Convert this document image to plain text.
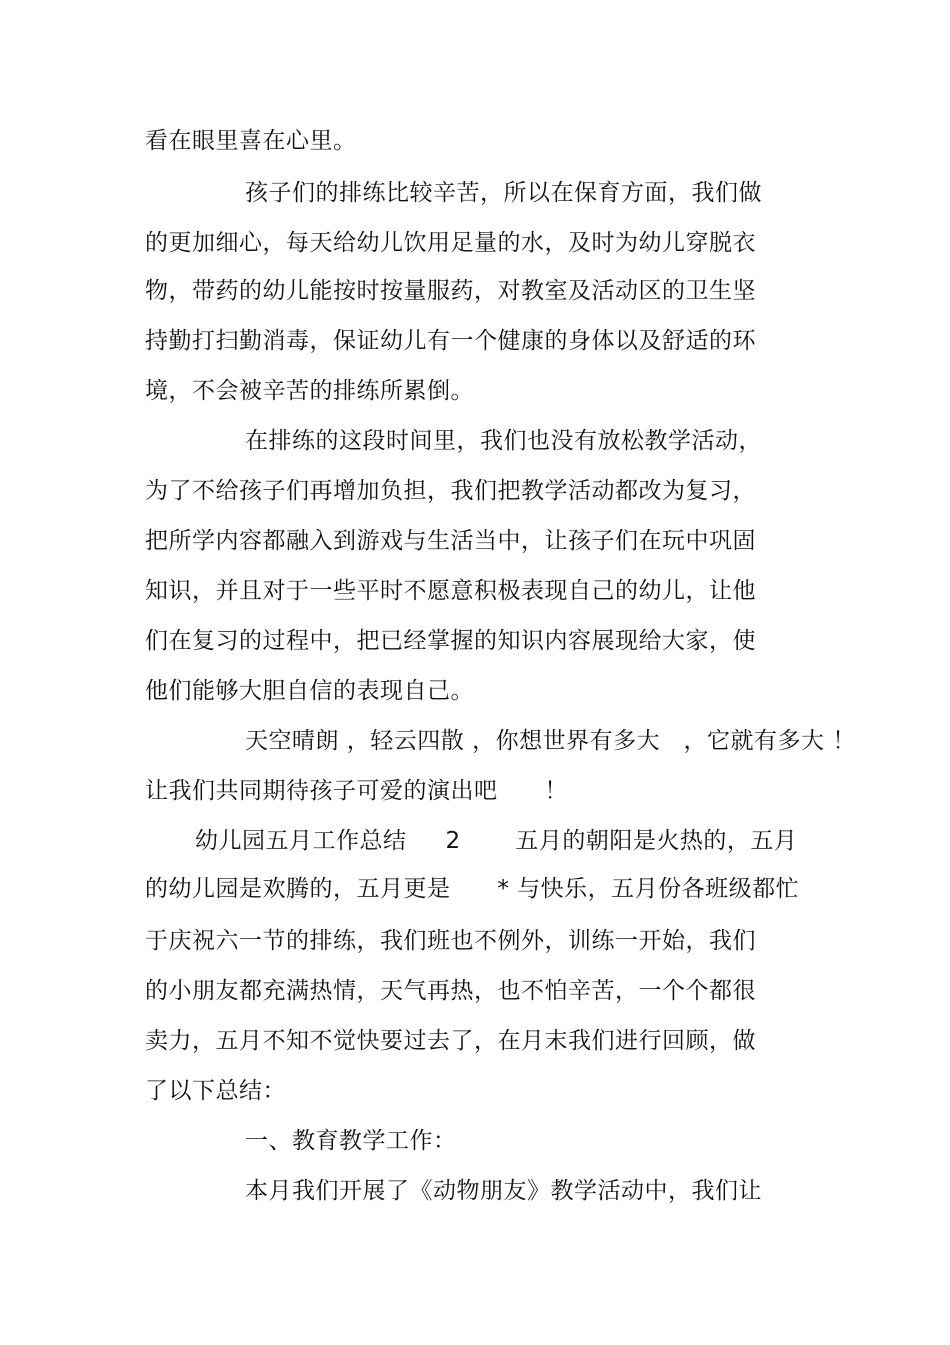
看在眼里喜在心里。
孩子们的排练比较辛苦，所以在保育方面，我们做
的更加细心，每天给幼儿饮用足量的水，及时为幼儿穿脱衣
物，带药的幼儿能按时按量服药，对教室及活动区的卫生坚
持勤打扫勤消毒，保证幼儿有一个健康的身体以及舒适的环
境，不会被辛苦的排练所累倒。
在排练的这段时间里，我们也没有放松教学活动，
为了不给孩子们再增加负担，我们把教学活动都改为复习，
把所学内容都融入到游戏与生活当中，让孩子们在玩中巩固
知识，并且对于一些平时不愿意积极表现自己的幼儿，让他
们在复习的过程中，把已经掌握的知识内容展现给大家，使
他们能够大胆自信的表现自己。
天空晴朗 ，轻云四散 ，你想世界有多大   ，它就有多大 ！
让我们共同期待孩子可爱的演出吧      ！
幼儿园五月工作总结     2       五月的朝阳是火热的，五月
的幼儿园是欢腾的，五月更是      * 与快乐，五月份各班级都忙
于庆祝六一节的排练，我们班也不例外，训练一开始，我们
的小朋友都充满热情，天气再热，也不怕辛苦，一个个都很
卖力，五月不知不觉快要过去了，在月末我们进行回顾，做
了以下总结：
一、教育教学工作：
本月我们开展了《动物朋友》教学活动中，我们让
